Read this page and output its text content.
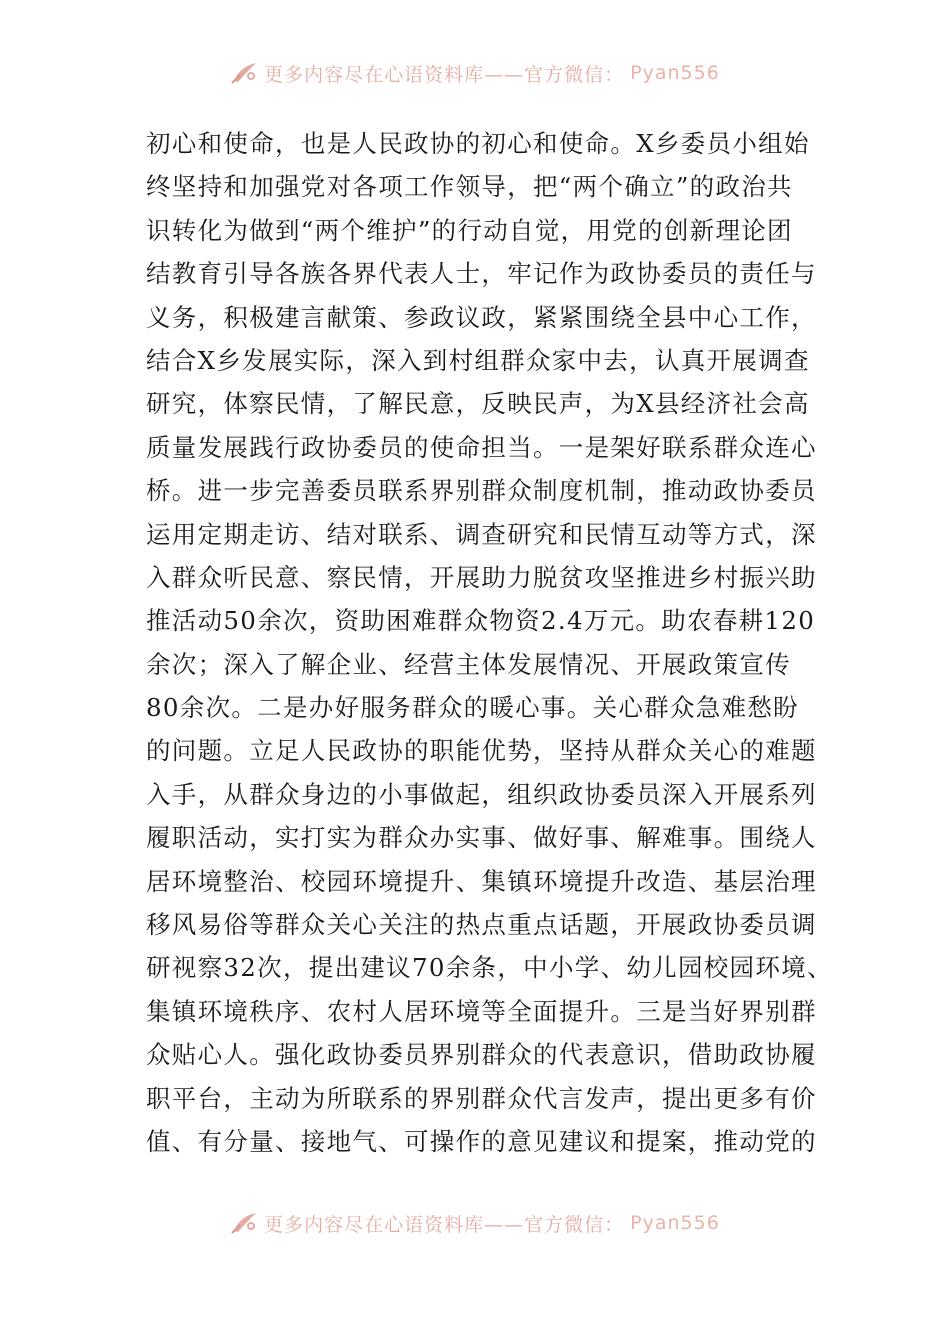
更多内容尽在心语资料库——官方微信： Pyan556
初心和使命，也是人民政协的初心和使命。X乡委员小组始
终坚持和加强党对各项工作领导，把“两个确立”的政治共
识转化为做到“两个维护”的行动自觉，用党的创新理论团
结教育引导各族各界代表人士，牢记作为政协委员的责任与
义务，积极建言献策、参政议政，紧紧围绕全县中心工作，
结合X乡发展实际，深入到村组群众家中去，认真开展调查
研究，体察民情，了解民意，反映民声，为X县经济社会高
质量发展践行政协委员的使命担当。一是架好联系群众连心
桥。进一步完善委员联系界别群众制度机制，推动政协委员
运用定期走访、结对联系、调查研究和民情互动等方式，深
入群众听民意、察民情，开展助力脱贫攻坚推进乡村振兴助
推活动50余次，资助困难群众物资2.4万元。助农春耕120
余次；深入了解企业、经营主体发展情况、开展政策宣传
80余次。二是办好服务群众的暖心事。关心群众急难愁盼
的问题。立足人民政协的职能优势，坚持从群众关心的难题
入手，从群众身边的小事做起，组织政协委员深入开展系列
履职活动，实打实为群众办实事、做好事、解难事。围绕人
居环境整治、校园环境提升、集镇环境提升改造、基层治理
移风易俗等群众关心关注的热点重点话题，开展政协委员调
研视察32次，提出建议70余条，中小学、幼儿园校园环境、
集镇环境秩序、农村人居环境等全面提升。三是当好界别群
众贴心人。强化政协委员界别群众的代表意识，借助政协履
职平台，主动为所联系的界别群众代言发声，提出更多有价
值、有分量、接地气、可操作的意见建议和提案，推动党的
更多内容尽在心语资料库——官方微信： Pyan556
